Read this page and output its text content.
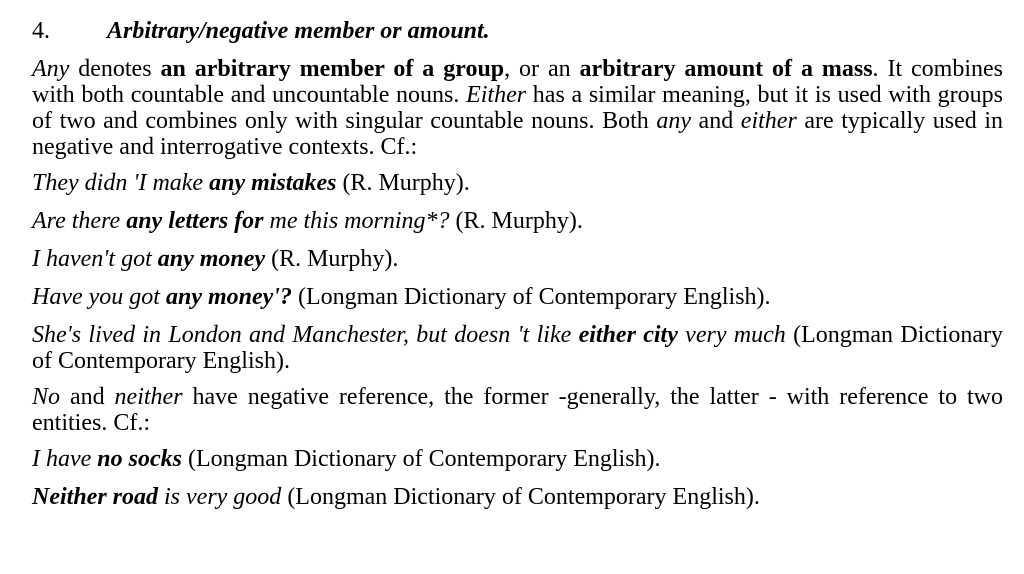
4. Arbitrary/negative member or amount.
Any denotes an arbitrary member of a group, or an arbitrary amount of a mass. It combines with both countable and uncountable nouns. Either has a similar meaning, but it is used with groups of two and combines only with singular countable nouns. Both any and either are typically used in negative and interrogative contexts. Cf.:
They didn 'I make any mistakes (R. Murphy).
Are there any letters for me this morning*? (R. Murphy).
I haven't got any money (R. Murphy).
Have you got any money'? (Longman Dictionary of Contemporary English).
She's lived in London and Manchester, but doesn 't like either city very much (Longman Dictionary of Contemporary English).
No and neither have negative reference, the former -generally, the latter - with reference to two entities. Cf.:
I have no socks (Longman Dictionary of Contemporary English).
Neither road is very good (Longman Dictionary of Contemporary English).
